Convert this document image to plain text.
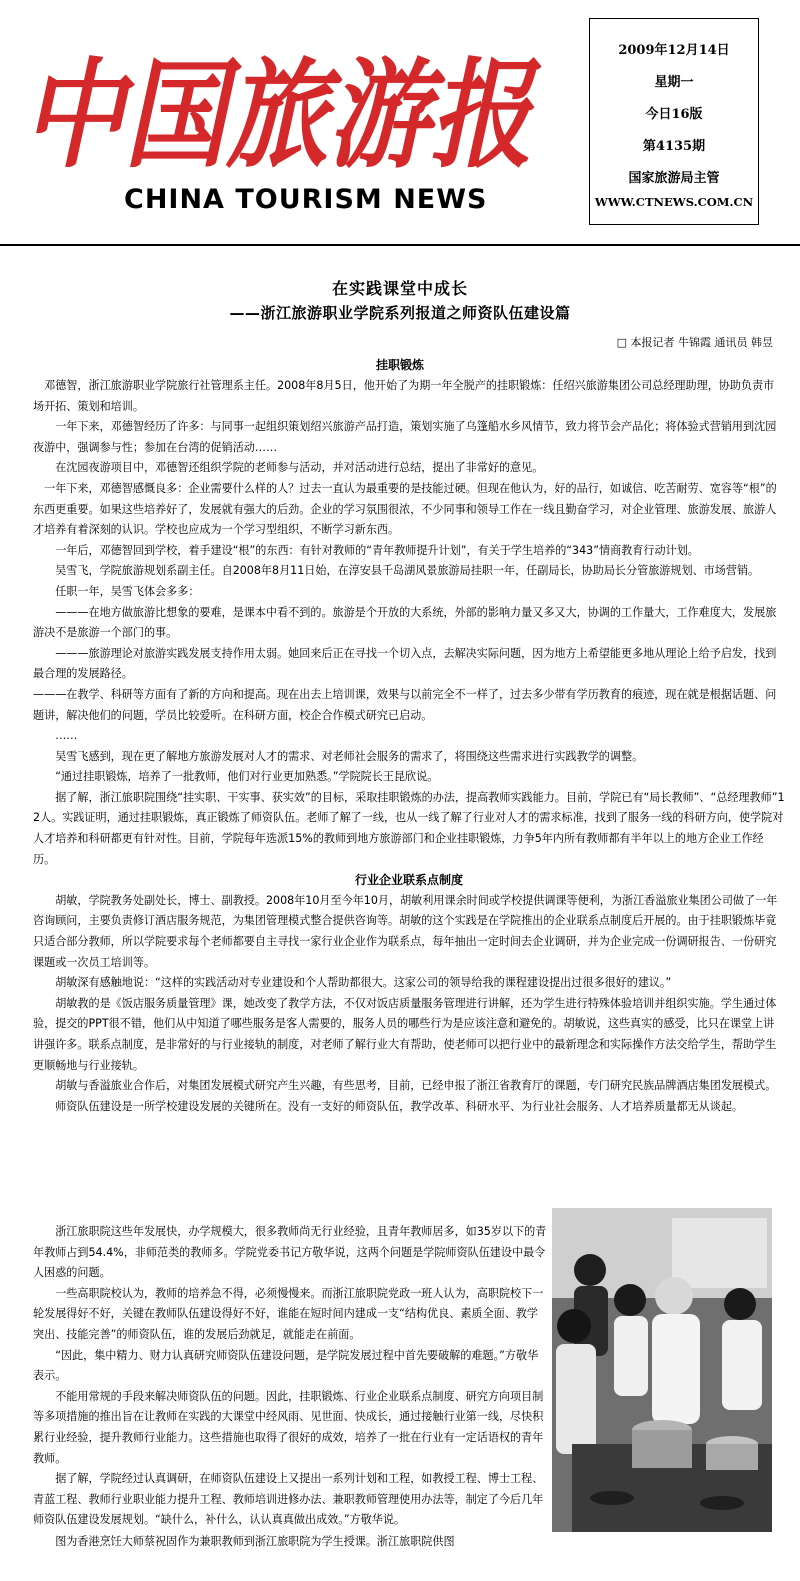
中国旅游报
CHINA TOURISM NEWS
2009年12月14日
星期一
今日16版
第4135期
国家旅游局主管
WWW.CTNEWS.COM.CN
在实践课堂中成长
——浙江旅游职业学院系列报道之师资队伍建设篇
□ 本报记者 牛锦霞 通讯员 韩昱
挂职锻炼

邓德智，浙江旅游职业学院旅行社管理系主任。2008年8月5日，他开始了为期一年全脱产的挂职锻炼：任绍兴旅游集团公司总经理助理，协助负责市场开拓、策划和培训。

一年下来，邓德智经历了许多：与同事一起组织策划绍兴旅游产品打造，策划实施了乌篷船水乡风情节，致力将节会产品化；将体验式营销用到沈园夜游中，强调参与性；参加在台湾的促销活动……

在沈园夜游项目中，邓德智还组织学院的老师参与活动，并对活动进行总结，提出了非常好的意见。

一年下来，邓德智感慨良多：企业需要什么样的人？过去一直认为最重要的是技能过硬。但现在他认为，好的品行，如诚信、吃苦耐劳、宽容等“根”的东西更重要。如果这些培养好了，发展就有强大的后劲。企业的学习氛围很浓，不少同事和领导工作在一线且勤奋学习，对企业管理、旅游发展、旅游人才培养有着深刻的认识。学校也应成为一个学习型组织，不断学习新东西。

一年后，邓德智回到学校，着手建设“根”的东西：有针对教师的“青年教师提升计划”，有关于学生培养的“343”情商教育行动计划。

吴雪飞，学院旅游规划系副主任。自2008年8月11日始，在淳安县千岛湖风景旅游局挂职一年，任副局长，协助局长分管旅游规划、市场营销。

任职一年，吴雪飞体会多多：

———在地方做旅游比想象的要难，是课本中看不到的。旅游是个开放的大系统，外部的影响力量又多又大，协调的工作量大，工作难度大，发展旅游决不是旅游一个部门的事。

———旅游理论对旅游实践发展支持作用太弱。她回来后正在寻找一个切入点，去解决实际问题，因为地方上希望能更多地从理论上给予启发，找到最合理的发展路径。

———在教学、科研等方面有了新的方向和提高。现在出去上培训课，效果与以前完全不一样了，过去多少带有学历教育的痕迹，现在就是根据话题、问题讲，解决他们的问题，学员比较爱听。在科研方面，校企合作模式研究已启动。

……

吴雪飞感到，现在更了解地方旅游发展对人才的需求、对老师社会服务的需求了，将围绕这些需求进行实践教学的调整。

“通过挂职锻炼，培养了一批教师，他们对行业更加熟悉。”学院院长王昆欣说。

据了解，浙江旅职院围绕“挂实职、干实事、获实效”的目标，采取挂职锻炼的办法，提高教师实践能力。目前，学院已有“局长教师”、“总经理教师”12人。实践证明，通过挂职锻炼，真正锻炼了师资队伍。老师了解了一线，也从一线了解了行业对人才的需求标准，找到了服务一线的科研方向，使学院对人才培养和科研都更有针对性。目前，学院每年选派15%的教师到地方旅游部门和企业挂职锻炼，力争5年内所有教师都有半年以上的地方企业工作经历。

行业企业联系点制度

胡敏，学院教务处副处长，博士、副教授。2008年10月至今年10月，胡敏利用课余时间或学校提供调课等便利，为浙江香溢旅业集团公司做了一年咨询顾问，主要负责修订酒店服务规范，为集团管理模式整合提供咨询等。胡敏的这个实践是在学院推出的企业联系点制度后开展的。由于挂职锻炼毕竟只适合部分教师，所以学院要求每个老师都要自主寻找一家行业企业作为联系点，每年抽出一定时间去企业调研，并为企业完成一份调研报告、一份研究课题或一次员工培训等。

胡敏深有感触地说：“这样的实践活动对专业建设和个人帮助都很大。这家公司的领导给我的课程建设提出过很多很好的建议。”

胡敏教的是《饭店服务质量管理》课，她改变了教学方法，不仅对饭店质量服务管理进行讲解，还为学生进行特殊体验培训并组织实施。学生通过体验，提交的PPT很不错，他们从中知道了哪些服务是客人需要的，服务人员的哪些行为是应该注意和避免的。胡敏说，这些真实的感受，比只在课堂上讲讲强许多。联系点制度，是非常好的与行业接轨的制度，对老师了解行业大有帮助，使老师可以把行业中的最新理念和实际操作方法交给学生，帮助学生更顺畅地与行业接轨。

胡敏与香溢旅业合作后，对集团发展模式研究产生兴趣，有些思考，目前，已经申报了浙江省教育厅的课题，专门研究民族品牌酒店集团发展模式。

师资队伍建设是一所学校建设发展的关键所在。没有一支好的师资队伍，教学改革、科研水平、为行业社会服务、人才培养质量都无从谈起。

浙江旅职院这些年发展快，办学规模大，很多教师尚无行业经验，且青年教师居多，如35岁以下的青年教师占到54.4%，非师范类的教师多。学院党委书记方敬华说，这两个问题是学院师资队伍建设中最令人困惑的问题。

一些高职院校认为，教师的培养急不得，必须慢慢来。而浙江旅职院党政一班人认为，高职院校下一轮发展得好不好，关键在教师队伍建设得好不好，谁能在短时间内建成一支“结构优良、素质全面、教学突出、技能完善”的师资队伍，谁的发展后劲就足，就能走在前面。

“因此，集中精力、财力认真研究师资队伍建设问题，是学院发展过程中首先要破解的难题。”方敬华表示。

不能用常规的手段来解决师资队伍的问题。因此，挂职锻炼、行业企业联系点制度、研究方向项目制等多项措施的推出旨在让教师在实践的大课堂中经风雨、见世面、快成长，通过接触行业第一线，尽快积累行业经验，提升教师行业能力。这些措施也取得了很好的成效，培养了一批在行业有一定话语权的青年教师。

据了解，学院经过认真调研，在师资队伍建设上又提出一系列计划和工程，如教授工程、博士工程、青蓝工程、教师行业职业能力提升工程、教师培训进修办法、兼职教师管理使用办法等，制定了今后几年师资队伍建设发展规划。“缺什么，补什么，认认真真做出成效。”方敬华说。

图为香港烹饪大师蔡祝固作为兼职教师到浙江旅职院为学生授课。浙江旅职院供图
